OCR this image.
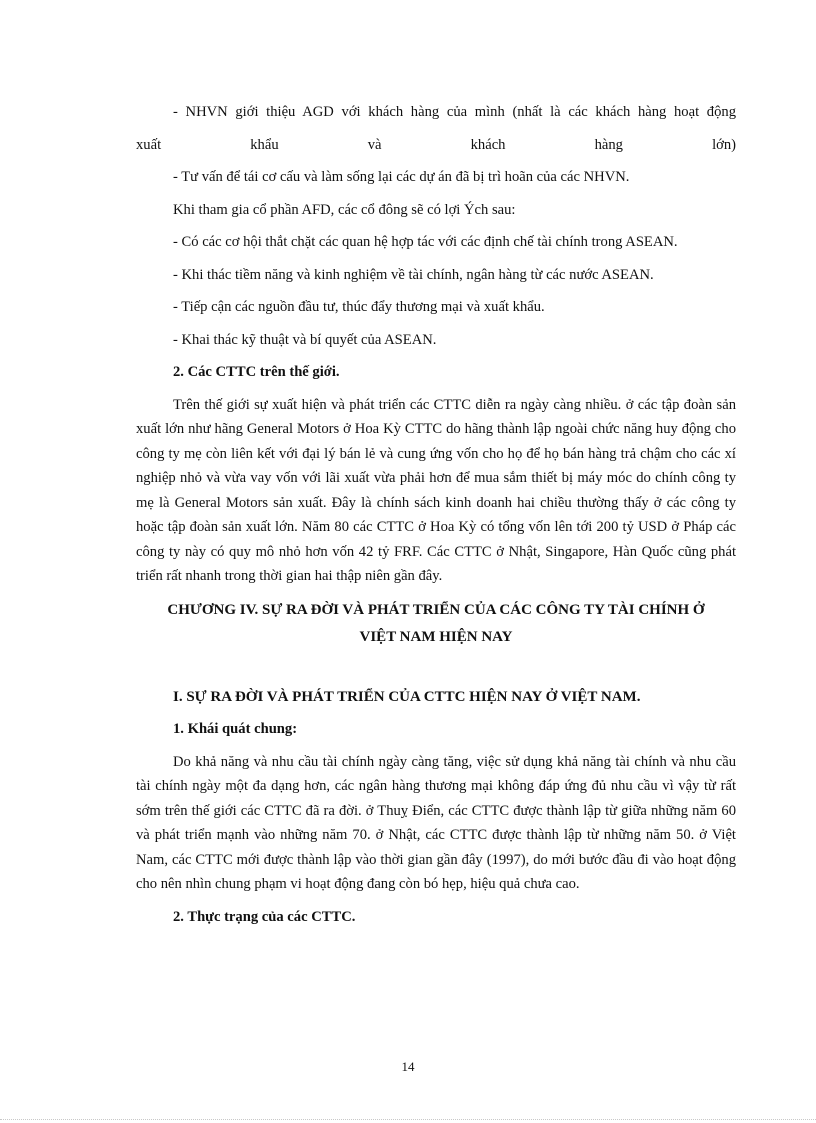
- NHVN giới thiệu AGD với khách hàng của mình (nhất là các khách hàng hoạt động
xuất khẩu và khách hàng lớn)
- Tư vấn để tái cơ cấu và làm sống lại các dự án đã bị trì hoãn của các NHVN.
Khi tham gia cổ phần AFD, các cổ đông sẽ có lợi Ých sau:
- Có các cơ hội thắt chặt các quan hệ hợp tác với các định chế tài chính trong ASEAN.
- Khi thác tiềm năng và kinh nghiệm về tài chính, ngân hàng từ các nước ASEAN.
- Tiếp cận các nguồn đầu tư, thúc đẩy thương mại và xuất khẩu.
- Khai thác kỹ thuật và bí quyết của ASEAN.
2. Các CTTC trên thế giới.
Trên thế giới sự xuất hiện và phát triển các CTTC diễn ra ngày càng nhiều. ở các tập đoàn sản xuất lớn như hãng General Motors ở Hoa Kỳ CTTC do hãng thành lập ngoài chức năng huy động cho công ty mẹ còn liên kết với đại lý bán lẻ và cung ứng vốn cho họ để họ bán hàng trả chậm cho các xí nghiệp nhỏ và vừa vay vốn với lãi xuất vừa phải hơn để mua sắm thiết bị máy móc do chính công ty mẹ là General Motors sản xuất. Đây là chính sách kinh doanh hai chiều thường thấy ở các công ty hoặc tập đoàn sản xuất lớn. Năm 80 các CTTC ở Hoa Kỳ có tổng vốn lên tới 200 tỷ USD ở Pháp các công ty này có quy mô nhỏ hơn vốn 42 tỷ FRF. Các CTTC ở Nhật, Singapore, Hàn Quốc cũng phát triển rất nhanh trong thời gian hai thập niên gần đây.
CHƯƠNG IV. SỰ RA ĐỜI VÀ PHÁT TRIỂN CỦA CÁC CÔNG TY TÀI CHÍNH Ở
VIỆT NAM HIỆN NAY
I. SỰ RA ĐỜI VÀ PHÁT TRIỂN CỦA CTTC HIỆN NAY Ở VIỆT NAM.
1. Khái quát chung:
Do khả năng và nhu cầu tài chính ngày càng tăng, việc sử dụng khả năng tài chính và nhu cầu tài chính ngày một đa dạng hơn, các ngân hàng thương mại không đáp ứng đủ nhu cầu vì vậy từ rất sớm trên thế giới các CTTC đã ra đời. ở Thuỵ Điển, các CTTC được thành lập từ giữa những năm 60 và phát triển mạnh vào những năm 70. ở Nhật, các CTTC được thành lập từ những năm 50. ở Việt Nam, các CTTC mới được thành lập vào thời gian gần đây (1997), do mới bước đầu đi vào hoạt động cho nên nhìn chung phạm vi hoạt động đang còn bó hẹp, hiệu quả chưa cao.
2. Thực trạng của các CTTC.
14
